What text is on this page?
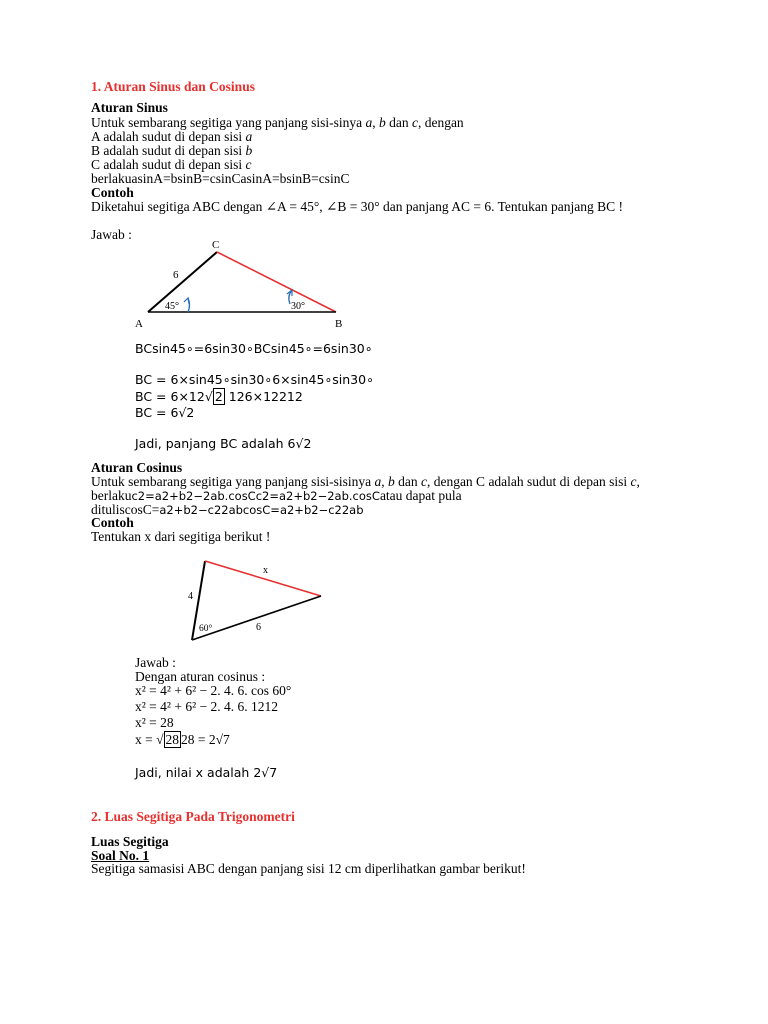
1. Aturan Sinus dan Cosinus
Aturan Sinus
Untuk sembarang segitiga yang panjang sisi-sinya a, b dan c, dengan
A adalah sudut di depan sisi a
B adalah sudut di depan sisi b
C adalah sudut di depan sisi c
berlakuasinA=bsinB=csinCasinA=bsinB=csinC
Contoh
Diketahui segitiga ABC dengan ∠A = 45°, ∠B = 30° dan panjang AC = 6. Tentukan panjang BC !
Jawab :
C
6
45°	30°
A	B
BCsin45∘=6sin30∘BCsin45∘=6sin30∘
BC = 6×sin45∘sin30∘6×sin45∘sin30∘
BC = 6×12√ 2 126×12212
BC = 6√2
Jadi, panjang BC adalah 6√2
Aturan Cosinus
Untuk sembarang segitiga yang panjang sisi-sisinya a, b dan c, dengan C adalah sudut di depan sisi c,
berlakuc2=a2+b2−2ab.cosCc2=a2+b2−2ab.cosCatau dapat pula
dituliscosC=a2+b2−c22abcosC=a2+b2−c22ab
Contoh
Tentukan x dari segitiga berikut !
4
x
6
60°
Jawab :
Dengan aturan cosinus :
x² = 4² + 6² − 2. 4. 6. cos 60°
x² = 4² + 6² − 2. 4. 6. 1212
x² = 28
x = √ 28 28 = 2√7
Jadi, nilai x adalah 2√7
2. Luas Segitiga Pada Trigonometri
Luas Segitiga
Soal No. 1
Segitiga samasisi ABC dengan panjang sisi 12 cm diperlihatkan gambar berikut!
